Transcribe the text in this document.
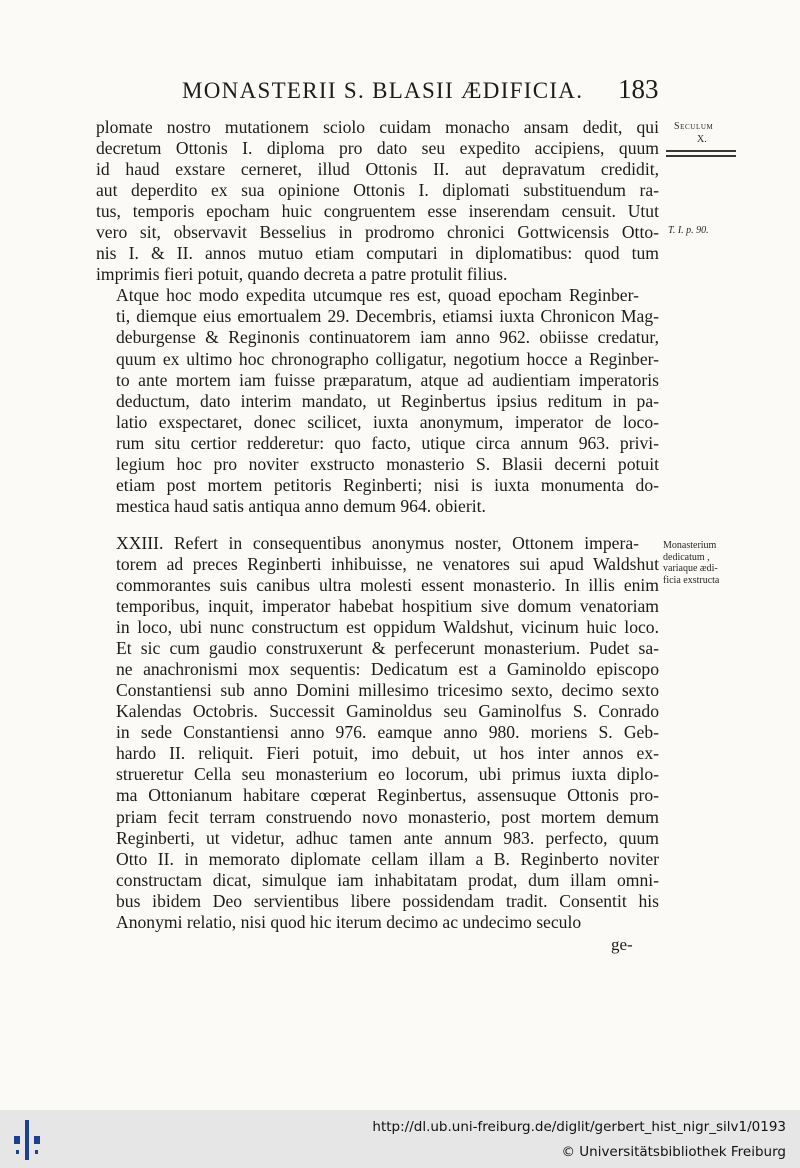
MONASTERII S. BLASII ÆDIFICIA. 183
Seculum
X.
T. I. p. 90.
Monasterium
dedicatum ,
variaque ædi-
ficia exstructa

plomate nostro mutationem sciolo cuidam monacho ansam dedit, qui
decretum Ottonis I. diploma pro dato seu expedito accipiens, quum
id haud exstare cerneret, illud Ottonis II. aut depravatum credidit,
aut deperdito ex sua opinione Ottonis I. diplomati substituendum ra-
tus, temporis epocham huic congruentem esse inserendam censuit. Utut
vero sit, observavit Besselius in prodromo chronici Gottwicensis Otto-
nis I. & II. annos mutuo etiam computari in diplomatibus: quod tum
imprimis fieri potuit, quando decreta a patre protulit filius.

Atque hoc modo expedita utcumque res est, quoad epocham Reginber-
ti, diemque eius emortualem 29. Decembris, etiamsi iuxta Chronicon Mag-
deburgense & Reginonis continuatorem iam anno 962. obiisse credatur,
quum ex ultimo hoc chronographo colligatur, negotium hocce a Reginber-
to ante mortem iam fuisse præparatum, atque ad audientiam imperatoris
deductum, dato interim mandato, ut Reginbertus ipsius reditum in pa-
latio exspectaret, donec scilicet, iuxta anonymum, imperator de loco-
rum situ certior redderetur: quo facto, utique circa annum 963. privi-
legium hoc pro noviter exstructo monasterio S. Blasii decerni potuit
etiam post mortem petitoris Reginberti; nisi is iuxta monumenta do-
mestica haud satis antiqua anno demum 964. obierit.

XXIII. Refert in consequentibus anonymus noster, Ottonem impera-
torem ad preces Reginberti inhibuisse, ne venatores sui apud Waldshut
commorantes suis canibus ultra molesti essent monasterio. In illis enim
temporibus, inquit, imperator habebat hospitium sive domum venatoriam
in loco, ubi nunc constructum est oppidum Waldshut, vicinum huic loco.
Et sic cum gaudio construxerunt & perfecerunt monasterium. Pudet sa-
ne anachronismi mox sequentis: Dedicatum est a Gaminoldo episcopo
Constantiensi sub anno Domini millesimo tricesimo sexto, decimo sexto
Kalendas Octobris. Successit Gaminoldus seu Gaminolfus S. Conrado
in sede Constantiensi anno 976. eamque anno 980. moriens S. Geb-
hardo II. reliquit. Fieri potuit, imo debuit, ut hos inter annos ex-
strueretur Cella seu monasterium eo locorum, ubi primus iuxta diplo-
ma Ottonianum habitare cœperat Reginbertus, assensuque Ottonis pro-
priam fecit terram construendo novo monasterio, post mortem demum
Reginberti, ut videtur, adhuc tamen ante annum 983. perfecto, quum
Otto II. in memorato diplomate cellam illam a B. Reginberto noviter
constructam dicat, simulque iam inhabitatam prodat, dum illam omni-
bus ibidem Deo servientibus libere possidendam tradit. Consentit his
Anonymi relatio, nisi quod hic iterum decimo ac undecimo seculo

ge-
http://dl.ub.uni-freiburg.de/diglit/gerbert_hist_nigr_silv1/0193
© Universitätsbibliothek Freiburg
